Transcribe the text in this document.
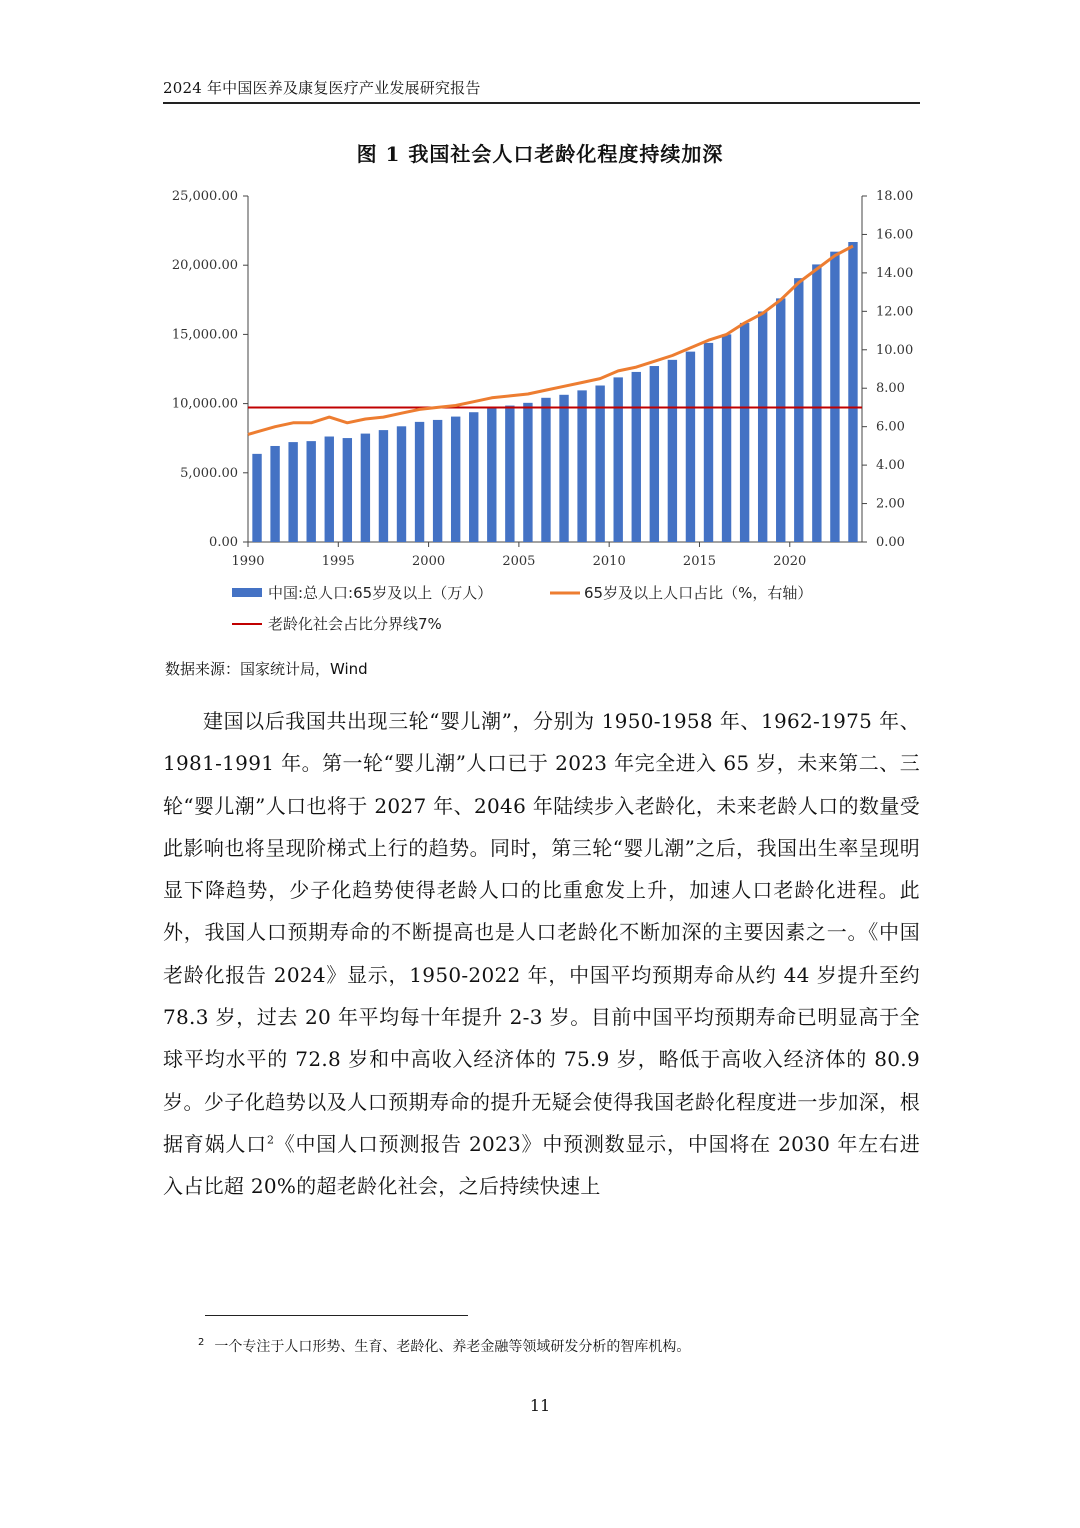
2024 年中国医养及康复医疗产业发展研究报告
图 1 我国社会人口老龄化程度持续加深
0.00
5,000.00
10,000.00
15,000.00
20,000.00
25,000.00
0.00
2.00
4.00
6.00
8.00
10.00
12.00
14.00
16.00
18.00
1990	1995	2000	2005	2010	2015	2020
中国:总人口:65岁及以上（万人）	65岁及以上人口占比（%，右轴）
老龄化社会占比分界线7%
数据来源：国家统计局，Wind

建国以后我国共出现三轮“婴儿潮”，分别为 1950-1958 年、1962-1975 年、1981-1991 年。第一轮“婴儿潮”人口已于 2023 年完全进入 65 岁，未来第二、三轮“婴儿潮”人口也将于 2027 年、2046 年陆续步入老龄化，未来老龄人口的数量受此影响也将呈现阶梯式上行的趋势。同时，第三轮“婴儿潮”之后，我国出生率呈现明显下降趋势，少子化趋势使得老龄人口的比重愈发上升，加速人口老龄化进程。此外，我国人口预期寿命的不断提高也是人口老龄化不断加深的主要因素之一。《中国老龄化报告 2024》显示，1950-2022 年，中国平均预期寿命从约 44 岁提升至约 78.3 岁，过去 20 年平均每十年提升 2-3 岁。目前中国平均预期寿命已明显高于全球平均水平的 72.8 岁和中高收入经济体的 75.9 岁，略低于高收入经济体的 80.9 岁。少子化趋势以及人口预期寿命的提升无疑会使得我国老龄化程度进一步加深，根据育娲人口$^2$《中国人口预测报告 2023》中预测数显示，中国将在 2030 年左右进入占比超 20%的超老龄化社会，之后持续快速上

$^2$ 一个专注于人口形势、生育、老龄化、养老金融等领域研发分析的智库机构。
11
